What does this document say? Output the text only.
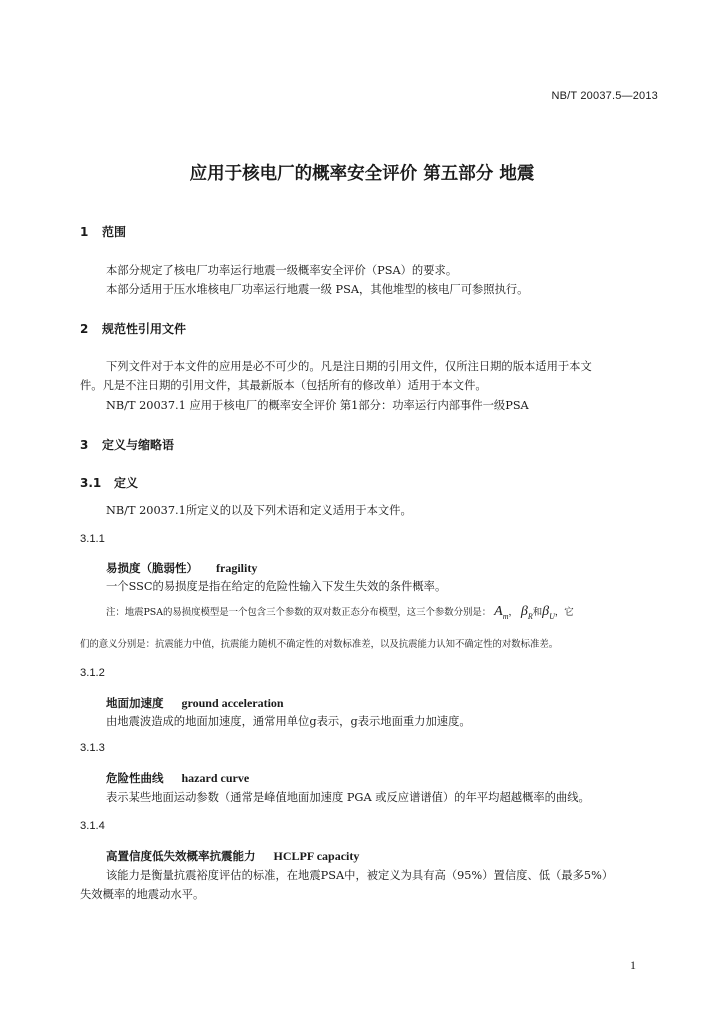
NB/T 20037.5—2013
应用于核电厂的概率安全评价 第五部分 地震
1 范围
本部分规定了核电厂功率运行地震一级概率安全评价（PSA）的要求。
本部分适用于压水堆核电厂功率运行地震一级 PSA，其他堆型的核电厂可参照执行。
2 规范性引用文件
下列文件对于本文件的应用是必不可少的。凡是注日期的引用文件，仅所注日期的版本适用于本文
件。凡是不注日期的引用文件，其最新版本（包括所有的修改单）适用于本文件。
NB/T 20037.1 应用于核电厂的概率安全评价 第1部分：功率运行内部事件一级PSA
3 定义与缩略语
3.1 定义
NB/T 20037.1所定义的以及下列术语和定义适用于本文件。
3.1.1
易损度（脆弱性） fragility
一个SSC的易损度是指在给定的危险性输入下发生失效的条件概率。
注：地震PSA的易损度模型是一个包含三个参数的双对数正态分布模型，这三个参数分别是： $A_m$， $\beta_R$和$\beta_U$，它
们的意义分别是：抗震能力中值，抗震能力随机不确定性的对数标准差，以及抗震能力认知不确定性的对数标准差。
3.1.2
地面加速度 ground acceleration
由地震波造成的地面加速度，通常用单位g表示，g表示地面重力加速度。
3.1.3
危险性曲线 hazard curve
表示某些地面运动参数（通常是峰值地面加速度 PGA 或反应谱谱值）的年平均超越概率的曲线。
3.1.4
高置信度低失效概率抗震能力 HCLPF capacity
该能力是衡量抗震裕度评估的标准，在地震PSA中，被定义为具有高（95%）置信度、低（最多5%）
失效概率的地震动水平。
1
